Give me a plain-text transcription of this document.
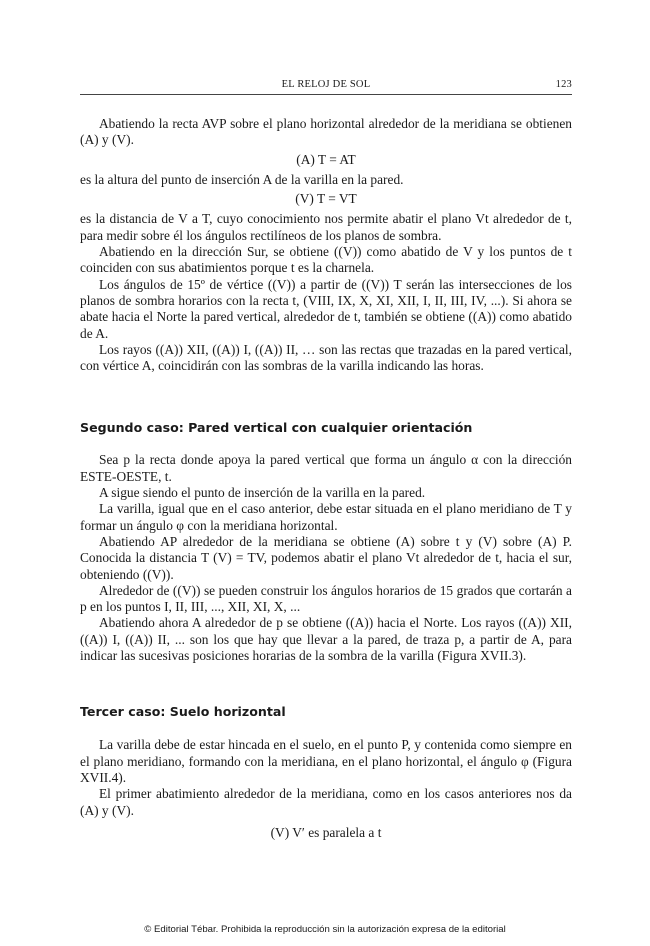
EL RELOJ DE SOL	123

Abatiendo la recta AVP sobre el plano horizontal alrededor de la meridiana se obtienen (A) y (V).

(A) T = AT

es la altura del punto de inserción A de la varilla en la pared.

(V) T = VT

es la distancia de V a T, cuyo conocimiento nos permite abatir el plano Vt alrededor de t, para medir sobre él los ángulos rectilíneos de los planos de sombra.

Abatiendo en la dirección Sur, se obtiene ((V)) como abatido de V y los puntos de t coinciden con sus abatimientos porque t es la charnela.

Los ángulos de 15º de vértice ((V)) a partir de ((V)) T serán las intersecciones de los planos de sombra horarios con la recta t, (VIII, IX, X, XI, XII, I, II, III, IV, ...). Si ahora se abate hacia el Norte la pared vertical, alrededor de t, también se obtiene ((A)) como abatido de A.

Los rayos ((A)) XII, ((A)) I, ((A)) II, … son las rectas que trazadas en la pared vertical, con vértice A, coincidirán con las sombras de la varilla indicando las horas.

Segundo caso: Pared vertical con cualquier orientación

Sea p la recta donde apoya la pared vertical que forma un ángulo α con la dirección ESTE-OESTE, t.

A sigue siendo el punto de inserción de la varilla en la pared.

La varilla, igual que en el caso anterior, debe estar situada en el plano meridiano de T y formar un ángulo φ con la meridiana horizontal.

Abatiendo AP alrededor de la meridiana se obtiene (A) sobre t y (V) sobre (A) P. Conocida la distancia T (V) = TV, podemos abatir el plano Vt alrededor de t, hacia el sur, obteniendo ((V)).

Alrededor de ((V)) se pueden construir los ángulos horarios de 15 grados que cortarán a p en los puntos I, II, III, ..., XII, XI, X, ...

Abatiendo ahora A alrededor de p se obtiene ((A)) hacia el Norte. Los rayos ((A)) XII, ((A)) I, ((A)) II, ... son los que hay que llevar a la pared, de traza p, a partir de A, para indicar las sucesivas posiciones horarias de la sombra de la varilla (Figura XVII.3).

Tercer caso: Suelo horizontal

La varilla debe de estar hincada en el suelo, en el punto P, y contenida como siempre en el plano meridiano, formando con la meridiana, en el plano horizontal, el ángulo φ (Figura XVII.4).

El primer abatimiento alrededor de la meridiana, como en los casos anteriores nos da (A) y (V).

(V) V′ es paralela a t

© Editorial Tébar. Prohibida la reproducción sin la autorización expresa de la editorial
